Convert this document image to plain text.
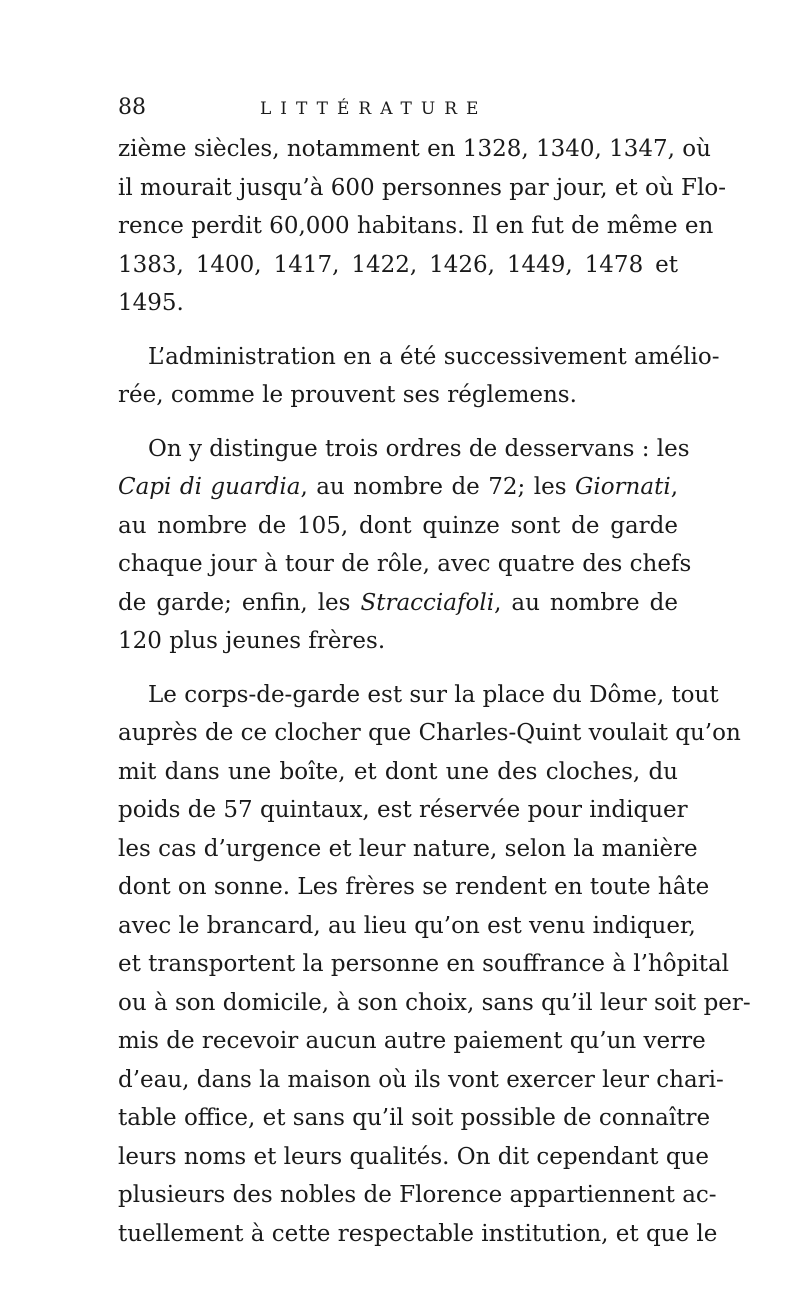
88	LITTÉRATURE

zième siècles, notamment en 1328, 1340, 1347, où
il mourait jusqu’à 600 personnes par jour, et où Flo-
rence perdit 60,000 habitans. Il en fut de même en
1383, 1400, 1417, 1422, 1426, 1449, 1478 et
1495.

L’administration en a été successivement amélio-
rée, comme le prouvent ses réglemens.

On y distingue trois ordres de desservans : les
Capi di guardia, au nombre de 72; les Giornati,
au nombre de 105, dont quinze sont de garde
chaque jour à tour de rôle, avec quatre des chefs
de garde; enfin, les Stracciafoli, au nombre de
120 plus jeunes frères.

Le corps-de-garde est sur la place du Dôme, tout
auprès de ce clocher que Charles-Quint voulait qu’on
mit dans une boîte, et dont une des cloches, du
poids de 57 quintaux, est réservée pour indiquer
les cas d’urgence et leur nature, selon la manière
dont on sonne. Les frères se rendent en toute hâte
avec le brancard, au lieu qu’on est venu indiquer,
et transportent la personne en souffrance à l’hôpital
ou à son domicile, à son choix, sans qu’il leur soit per-
mis de recevoir aucun autre paiement qu’un verre
d’eau, dans la maison où ils vont exercer leur chari-
table office, et sans qu’il soit possible de connaître
leurs noms et leurs qualités. On dit cependant que
plusieurs des nobles de Florence appartiennent ac-
tuellement à cette respectable institution, et que le
